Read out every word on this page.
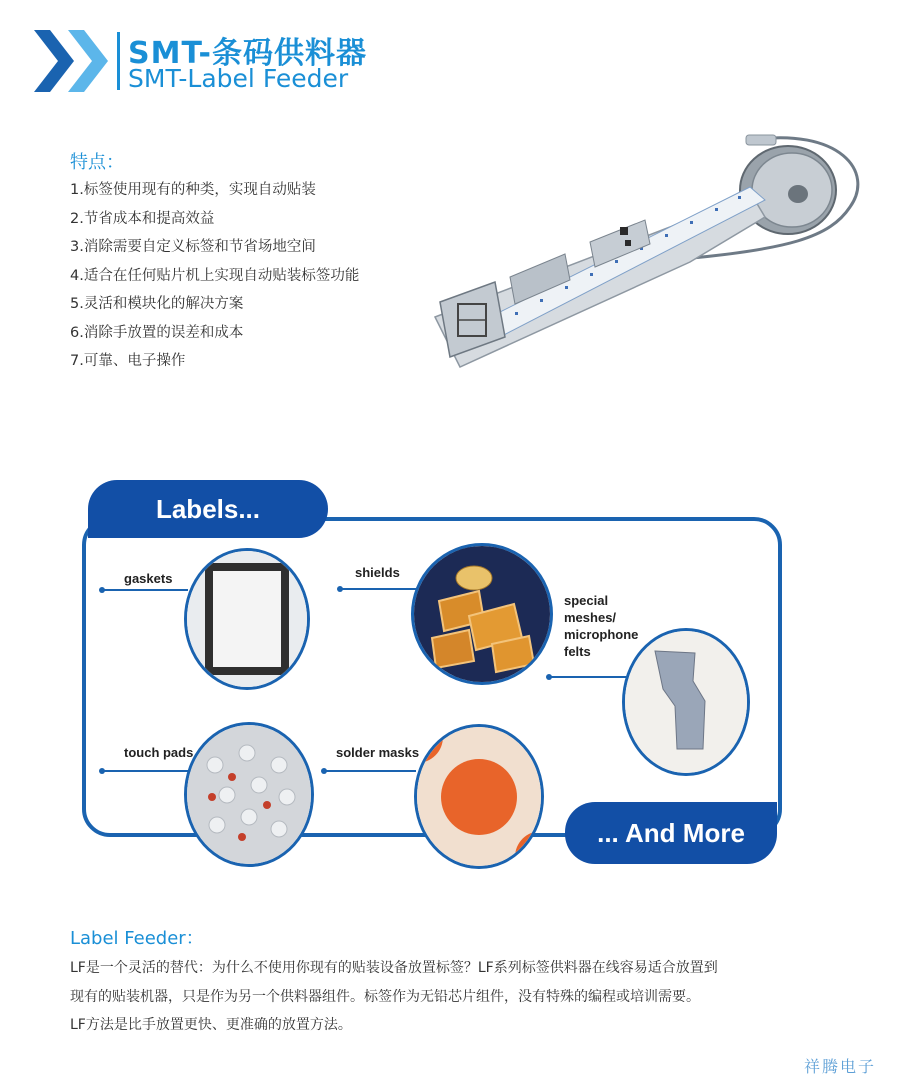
SMT-条码供料器
SMT-Label Feeder
特点：
1.标签使用现有的种类，实现自动贴装
2.节省成本和提高效益
3.消除需要自定义标签和节省场地空间
4.适合在任何贴片机上实现自动贴装标签功能
5.灵活和模块化的解决方案
6.消除手放置的误差和成本
7.可靠、电子操作
Labels...
... And More
gaskets	shields
special
meshes/
microphone
felts
touch pads	solder masks
Label Feeder：
LF是一个灵活的替代：为什么不使用你现有的贴装设备放置标签？LF系列标签供料器在线容易适合放置到
现有的贴装机器，只是作为另一个供料器组件。标签作为无铅芯片组件，没有特殊的编程或培训需要。
LF方法是比手放置更快、更准确的放置方法。
祥腾电子
